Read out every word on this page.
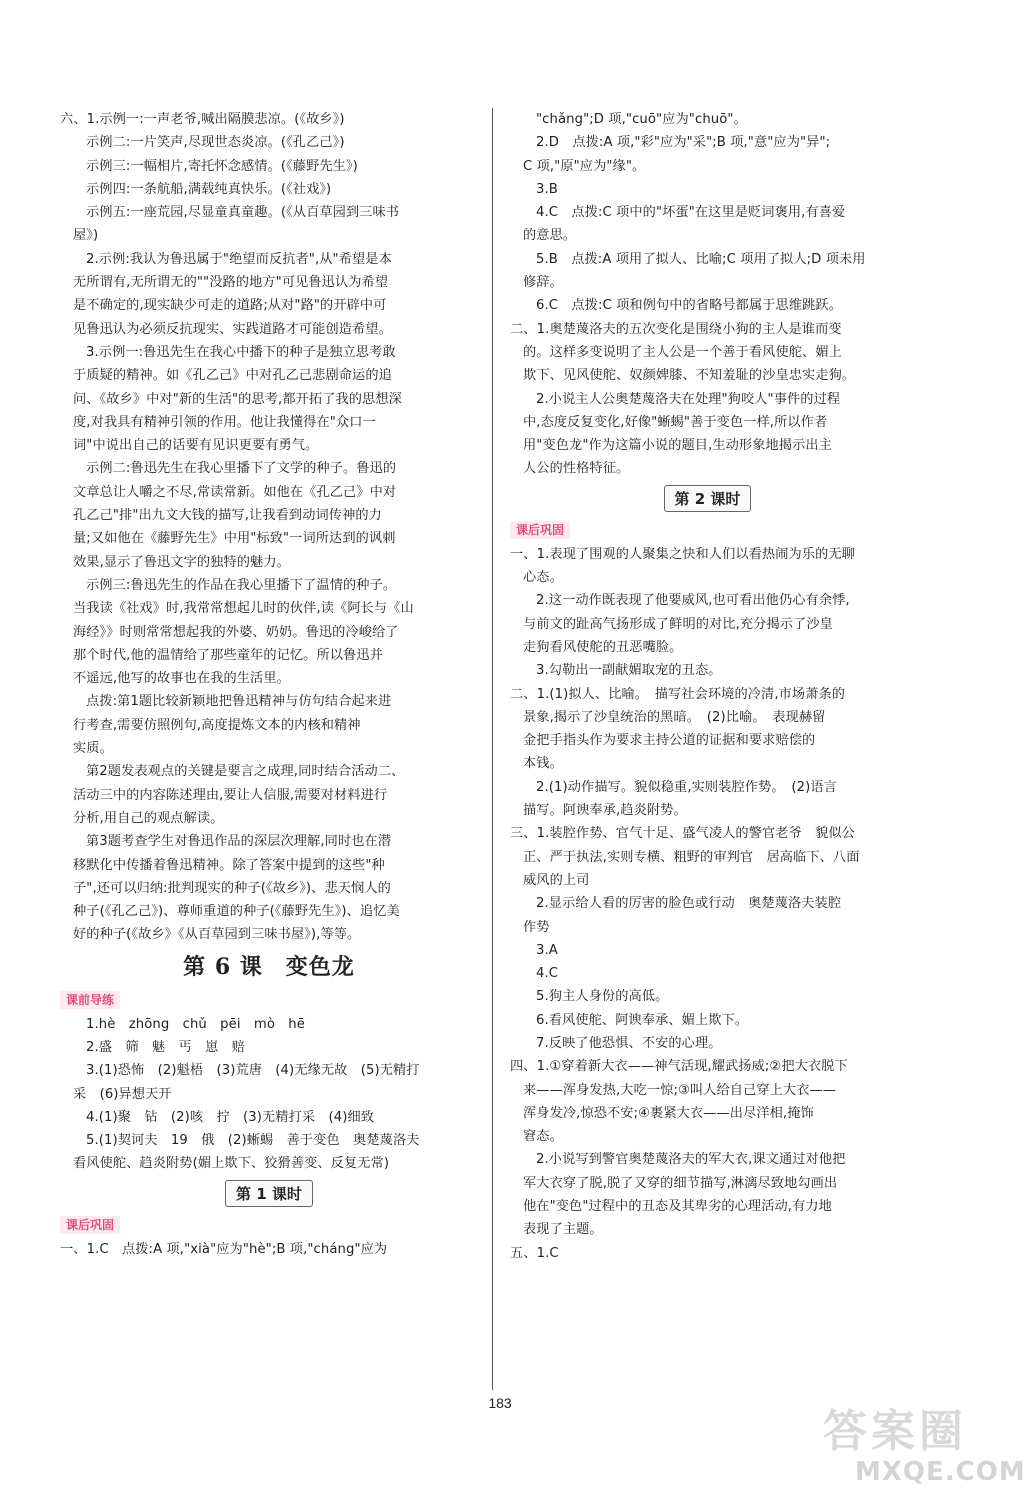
六、1.示例一:一声老爷,喊出隔膜悲凉。(《故乡》)
示例二:一片笑声,尽现世态炎凉。(《孔乙己》)
示例三:一幅相片,寄托怀念感情。(《藤野先生》)
示例四:一条航船,满载纯真快乐。(《社戏》)
示例五:一座荒园,尽显童真童趣。(《从百草园到三味书
屋》)
2.示例:我认为鲁迅属于"绝望而反抗者",从"希望是本
无所谓有,无所谓无的""没路的地方"可见鲁迅认为希望
是不确定的,现实缺少可走的道路;从对"路"的开辟中可
见鲁迅认为必须反抗现实、实践道路才可能创造希望。
3.示例一:鲁迅先生在我心中播下的种子是独立思考敢
于质疑的精神。如《孔乙己》中对孔乙己悲剧命运的追
问、《故乡》中对"新的生活"的思考,都开拓了我的思想深
度,对我具有精神引领的作用。他让我懂得在"众口一
词"中说出自己的话要有见识更要有勇气。
示例二:鲁迅先生在我心里播下了文学的种子。鲁迅的
文章总让人嚼之不尽,常读常新。如他在《孔乙己》中对
孔乙己"排"出九文大钱的描写,让我看到动词传神的力
量;又如他在《藤野先生》中用"标致"一词所达到的讽刺
效果,显示了鲁迅文字的独特的魅力。
示例三:鲁迅先生的作品在我心里播下了温情的种子。
当我读《社戏》时,我常常想起儿时的伙伴,读《阿长与《山
海经》》时则常常想起我的外婆、奶奶。鲁迅的冷峻给了
那个时代,他的温情给了那些童年的记忆。所以鲁迅并
不遥远,他写的故事也在我的生活里。
点拨:第1题比较新颖地把鲁迅精神与仿句结合起来进
行考查,需要仿照例句,高度提炼文本的内核和精神
实质。
第2题发表观点的关键是要言之成理,同时结合活动二、
活动三中的内容陈述理由,要让人信服,需要对材料进行
分析,用自己的观点解读。
第3题考查学生对鲁迅作品的深层次理解,同时也在潜
移默化中传播着鲁迅精神。除了答案中提到的这些"种
子",还可以归纳:批判现实的种子(《故乡》)、悲天悯人的
种子(《孔乙己》)、尊师重道的种子(《藤野先生》)、追忆美
好的种子(《故乡》《从百草园到三味书屋》),等等。
第 6 课　变色龙
课前导练
1.hè　zhōng　chǔ　pēi　mò　hē
2.盛　筛　魅　丐　崽　赔
3.(1)恐怖　(2)魁梧　(3)荒唐　(4)无缘无故　(5)无精打
采　(6)异想天开
4.(1)聚　钻　(2)咳　拧　(3)无精打采　(4)细致
5.(1)契诃夫　19　俄　(2)蜥蜴　善于变色　奥楚蔑洛夫
看风使舵、趋炎附势(媚上欺下、狡猾善变、反复无常)
第 1 课时
课后巩固
一、1.C　点拨:A 项,"xià"应为"hè";B 项,"cháng"应为
"chǎng";D 项,"cuō"应为"chuō"。
2.D　点拨:A 项,"彩"应为"采";B 项,"意"应为"异";
C 项,"原"应为"缘"。
3.B
4.C　点拨:C 项中的"坏蛋"在这里是贬词褒用,有喜爱
的意思。
5.B　点拨:A 项用了拟人、比喻;C 项用了拟人;D 项未用
修辞。
6.C　点拨:C 项和例句中的省略号都属于思维跳跃。
二、1.奥楚蔑洛夫的五次变化是围绕小狗的主人是谁而变
的。这样多变说明了主人公是一个善于看风使舵、媚上
欺下、见风使舵、奴颜婢膝、不知羞耻的沙皇忠实走狗。
2.小说主人公奥楚蔑洛夫在处理"狗咬人"事件的过程
中,态度反复变化,好像"蜥蜴"善于变色一样,所以作者
用"变色龙"作为这篇小说的题目,生动形象地揭示出主
人公的性格特征。
第 2 课时
课后巩固
一、1.表现了围观的人聚集之快和人们以看热闹为乐的无聊
心态。
2.这一动作既表现了他要威风,也可看出他仍心有余悸,
与前文的趾高气扬形成了鲜明的对比,充分揭示了沙皇
走狗看风使舵的丑恶嘴脸。
3.勾勒出一副献媚取宠的丑态。
二、1.(1)拟人、比喻。　描写社会环境的冷清,市场萧条的
景象,揭示了沙皇统治的黑暗。　(2)比喻。　表现赫留
金把手指头作为要求主持公道的证据和要求赔偿的
本钱。
2.(1)动作描写。貌似稳重,实则装腔作势。　(2)语言
描写。阿谀奉承,趋炎附势。
三、1.装腔作势、官气十足、盛气凌人的警官老爷　貌似公
正、严于执法,实则专横、粗野的审判官　居高临下、八面
威风的上司
2.显示给人看的厉害的脸色或行动　奥楚蔑洛夫装腔
作势
3.A
4.C
5.狗主人身份的高低。
6.看风使舵、阿谀奉承、媚上欺下。
7.反映了他恐惧、不安的心理。
四、1.①穿着新大衣——神气活现,耀武扬威;②把大衣脱下
来——浑身发热,大吃一惊;③叫人给自己穿上大衣——
浑身发冷,惊恐不安;④裹紧大衣——出尽洋相,掩饰
窘态。
2.小说写到警官奥楚蔑洛夫的军大衣,课文通过对他把
军大衣穿了脱,脱了又穿的细节描写,淋漓尽致地勾画出
他在"变色"过程中的丑态及其卑劣的心理活动,有力地
表现了主题。
五、1.C
183
答案圈
MXQE.COM
